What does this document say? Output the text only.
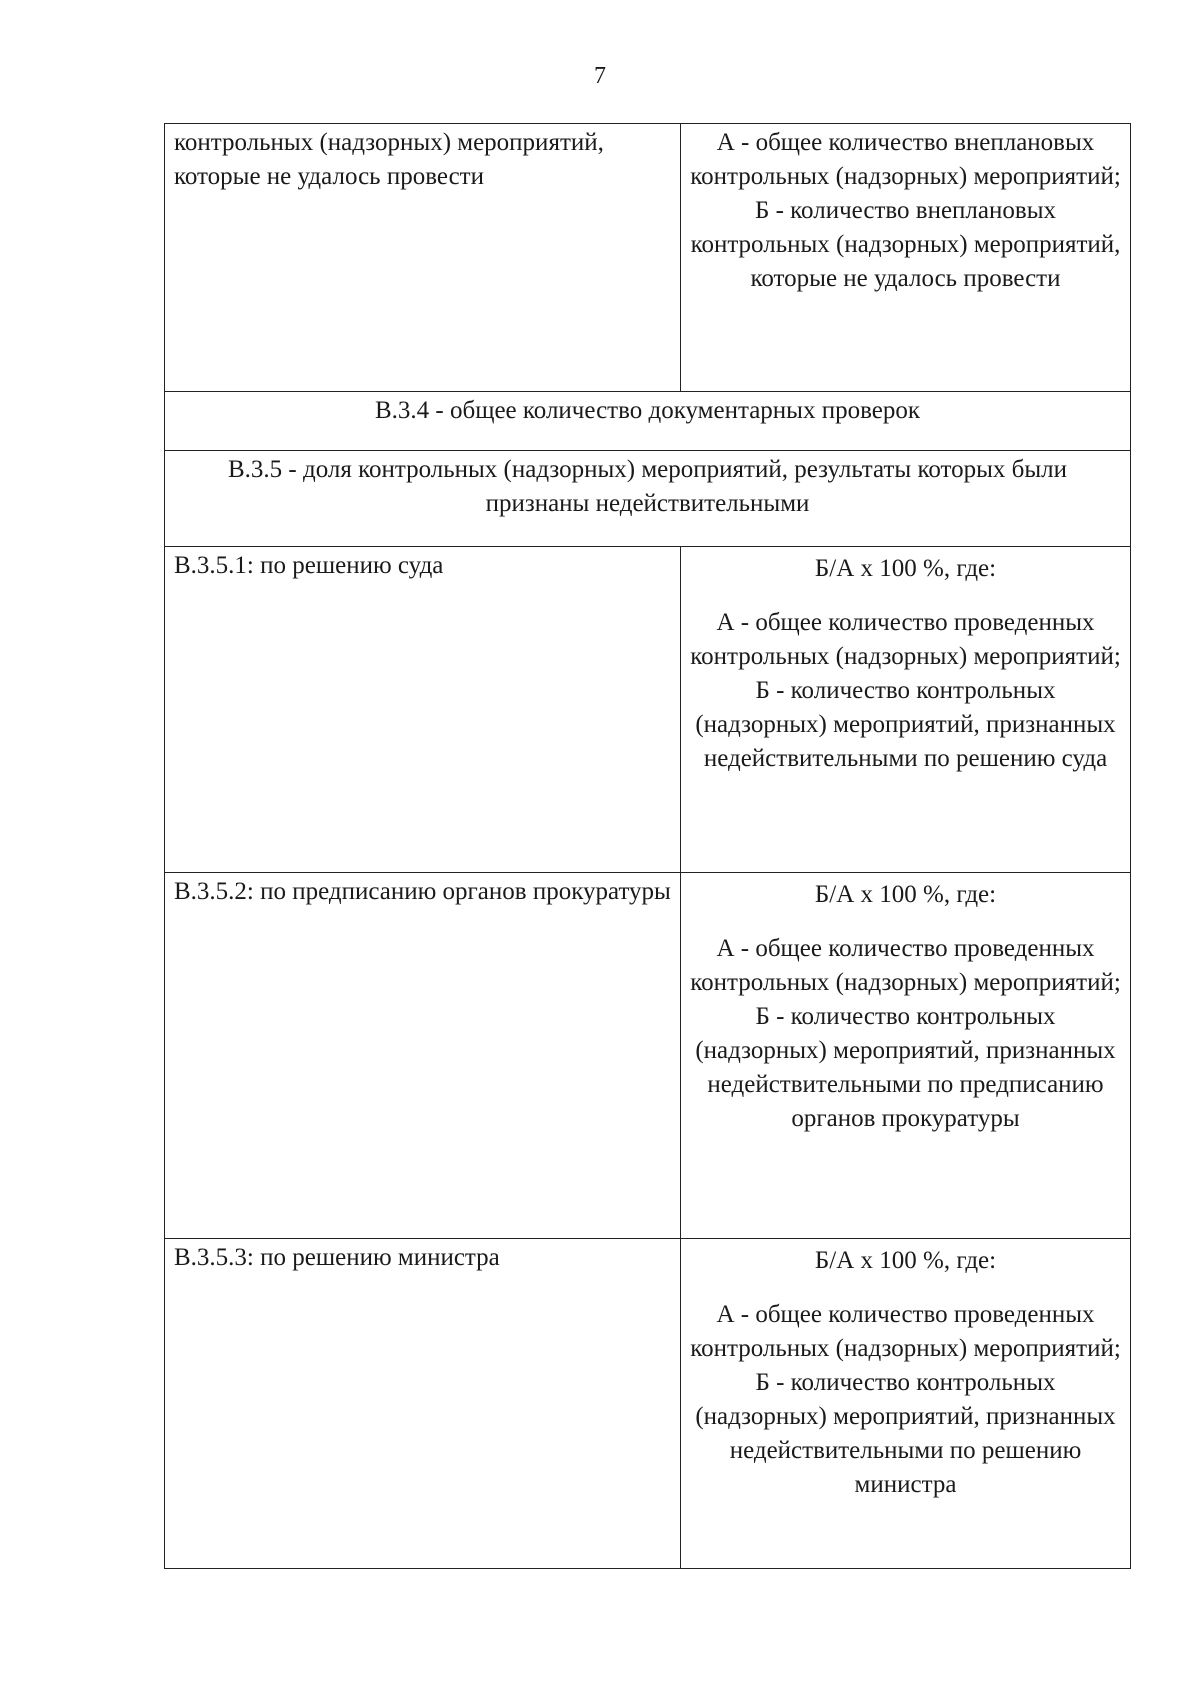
7
контрольных (надзорных) мероприятий, которые не удалось провести	А - общее количество внеплановых контрольных (надзорных) мероприятий;
Б - количество внеплановых контрольных (надзорных) мероприятий, которые не удалось провести

В.3.4 - общее количество документарных проверок	
В.3.5 - доля контрольных (надзорных) мероприятий, результаты которых были признаны недействительными	
В.3.5.1: по решению суда	Б/А х 100 %, где:
А - общее количество проведенных контрольных (надзорных) мероприятий;
Б - количество контрольных (надзорных) мероприятий, признанных недействительными по решению суда

В.3.5.2: по предписанию органов прокуратуры	Б/А х 100 %, где:
А - общее количество проведенных контрольных (надзорных) мероприятий;
Б - количество контрольных (надзорных) мероприятий, признанных недействительными по предписанию органов прокуратуры

В.3.5.3: по решению министра	Б/А х 100 %, где:
А - общее количество проведенных контрольных (надзорных) мероприятий;
Б - количество контрольных (надзорных) мероприятий, признанных недействительными по решению министра
